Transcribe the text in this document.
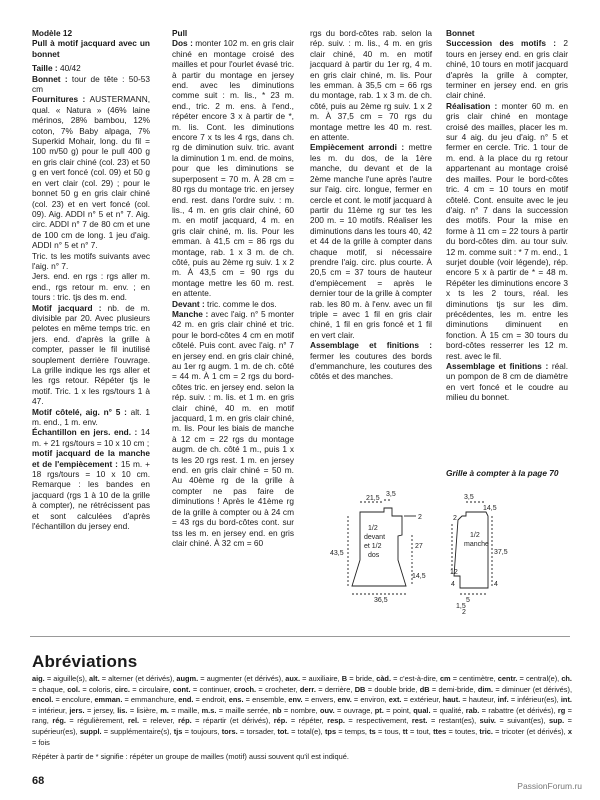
Modèle 12

Pull à motif jacquard avec un bonnet

Taille : 40/42

Bonnet : tour de tête : 50-53 cm

Fournitures : AUSTERMANN, qual. « Natura » (46% laine mérinos, 28% bambou, 12% coton, 7% Baby alpaga, 7% Superkid Mohair, long. du fil = 100 m/50 g) pour le pull 400 g en gris clair chiné (col. 23) et 50 g en vert foncé (col. 09) et 50 g en vert clair (col. 29) ; pour le bonnet 50 g en gris clair chiné (col. 23) et en vert foncé (col. 09). Aig. ADDI n° 5 et n° 7. Aig. circ. ADDI n° 7 de 80 cm et une de 100 cm de long. 1 jeu d'aig. ADDI n° 5 et n° 7.

Tric. ts les motifs suivants avec l'aig. n° 7.

Jers. end. en rgs : rgs aller m. end., rgs retour m. env. ; en tours : tric. tjs des m. end.

Motif jacquard : nb. de m. divisible par 20. Avec plusieurs pelotes en même temps tric. en jers. end. d'après la grille à compter, passer le fil inutilisé souplement derrière l'ouvrage. La grille indique les rgs aller et les rgs retour. Répéter tjs le motif. Tric. 1 x les rgs/tours 1 à 47.

Motif côtelé, aig. n° 5 : alt. 1 m. end., 1 m. env.

Échantillon en jers. end. : 14 m. + 21 rgs/tours = 10 x 10 cm ;

motif jacquard de la manche et de l'empiècement : 15 m. + 18 rgs/tours = 10 x 10 cm. Remarque : les bandes en jacquard (rgs 1 à 10 de la grille à compter), ne rétrécissent pas et sont calculées d'après l'échantillon du jersey end.

Pull

Dos : monter 102 m. en gris clair chiné en montage croisé des mailles et pour l'ourlet évasé tric. à partir du montage en jersey end. avec les diminutions comme suit : m. lis., * 23 m. end., tric. 2 m. ens. à l'end., répéter encore 3 x à partir de *, m. lis. Cont. les diminutions encore 7 x ts les 4 rgs, dans ch. rg de diminution suiv. tric. avant la diminution 1 m. end. de moins, pour que les diminutions se superposent = 70 m. À 28 cm = 80 rgs du montage tric. en jersey end. rest. dans l'ordre suiv. : m. lis., 4 m. en gris clair chiné, 60 m. en motif jacquard, 4 m. en gris clair chiné, m. lis. Pour les emman. à 41,5 cm = 86 rgs du montage, rab. 1 x 3 m. de ch. côté, puis au 2ème rg suiv. 1 x 2 m. À 43,5 cm = 90 rgs du montage mettre les 60 m. rest. en attente.

Devant : tric. comme le dos.

Manche : avec l'aig. n° 5 monter 42 m. en gris clair chiné et tric. pour le bord-côtes 4 cm en motif côtelé. Puis cont. avec l'aig. n° 7 en jersey end. en gris clair chiné, au 1er rg augm. 1 m. de ch. côté = 44 m. À 1 cm = 2 rgs du bord-côtes tric. en jersey end. selon la rép. suiv. : m. lis. et 1 m. en gris clair chiné, 40 m. en motif jacquard, 1 m. en gris clair chiné, m. lis. Pour les biais de manche à 12 cm = 22 rgs du montage augm. de ch. côté 1 m., puis 1 x ts les 20 rgs rest. 1 m. en jersey end. en gris clair chiné = 50 m. Au 40ème rg de la grille à compter ne pas faire de diminutions ! Après le 41ème rg de la grille à compter ou à 24 cm = 43 rgs du bord-côtes cont. sur tss les m. en jersey end. en gris clair chiné. À 32 cm = 60

rgs du bord-côtes rab. selon la rép. suiv. : m. lis., 4 m. en gris clair chiné, 40 m. en motif jacquard à partir du 1er rg, 4 m. en gris clair chiné, m. lis. Pour les emman. à 35,5 cm = 66 rgs du montage, rab. 1 x 3 m. de ch. côté, puis au 2ème rg suiv. 1 x 2 m. À 37,5 cm = 70 rgs du montage mettre les 40 m. rest. en attente.

Empiècement arrondi : mettre les m. du dos, de la 1ère manche, du devant et de la 2ème manche l'une après l'autre sur l'aig. circ. longue, fermer en cercle et cont. le motif jacquard à partir du 11ème rg sur tes les 200 m. = 10 motifs. Réaliser les diminutions dans les tours 40, 42 et 44 de la grille à compter dans chaque motif, si nécessaire prendre l'aig. circ. plus courte. À 20,5 cm = 37 tours de hauteur d'empiècement = après le dernier tour de la grille à compter rab. les 80 m. à l'env. avec un fil triple = avec 1 fil en gris clair chiné, 1 fil en gris foncé et 1 fil en vert clair.

Assemblage et finitions : fermer les coutures des bords d'emmanchure, les coutures des côtés et des manches.

Bonnet

Succession des motifs : 2 tours en jersey end. en gris clair chiné, 10 tours en motif jacquard d'après la grille à compter, terminer en jersey end. en gris clair chiné.

Réalisation : monter 60 m. en gris clair chiné en montage croisé des mailles, placer les m. sur 4 aig. du jeu d'aig. n° 5 et fermer en cercle. Tric. 1 tour de m. end. à la place du rg retour appartenant au montage croisé des mailles. Pour le bord-côtes tric. 4 cm = 10 tours en motif côtelé. Cont. ensuite avec le jeu d'aig. n° 7 dans la succession des motifs. Pour la mise en forme à 11 cm = 22 tours à partir du bord-côtes dim. au tour suiv. 12 m. comme suit : * 7 m. end., 1 surjet double (voir légende), rép. encore 5 x à partir de * = 48 m. Répéter les diminutions encore 3 x ts les 2 tours, réal. les diminutions tjs sur les dim. précédentes, les m. entre les diminutions diminuent en fonction. À 15 cm = 30 tours du bord-côtes resserrer les 12 m. rest. avec le fil.

Assemblage et finitions : réal. un pompon de 8 cm de diamètre en vert foncé et le coudre au milieu du bonnet.

Grille à compter à la page 70
1/2
devant
et 1/2
dos
21,5
3,5
2
27
43,5
14,5
36,5
1/2
manche
3,5
14,5
2
37,5
12
4
4
5
1,5
2
Abréviations
aig. = aiguille(s), alt. = alterner (et dérivés), augm. = augmenter (et dérivés), aux. = auxiliaire, B = bride, càd. = c'est-à-dire, cm = centimètre, centr. = central(e), ch. = chaque, col. = coloris, circ. = circulaire, cont. = continuer, croch. = crocheter, derr. = derrière, DB = double bride, dB = demi-bride, dim. = diminuer (et dérivés), encol. = encolure, emman. = emmanchure, end. = endroit, ens. = ensemble, env. = envers, env. = environ, ext. = extérieur, haut. = hauteur, inf. = inférieur(es), int. = intérieur, jers. = jersey, lis. = lisière, m. = maille, m.s. = maille serrée, nb = nombre, ouv. = ouvrage, pt. = point, qual. = qualité, rab. = rabattre (et dérivés), rg = rang, rég. = régulièrement, rel. = relever, rép. = répartir (et dérivés), rép. = répéter, resp. = respectivement, rest. = restant(es), suiv. = suivant(es), sup. = supérieur(es), suppl. = supplémentaire(s), tjs = toujours, tors. = torsader, tot. = total(e), tps = temps, ts = tous, tt = tout, ttes = toutes, tric. = tricoter (et dérivés), x = fois
Répéter à partir de * signifie : répéter un groupe de mailles (motif) aussi souvent qu'il est indiqué.
68	PassionForum.ru
